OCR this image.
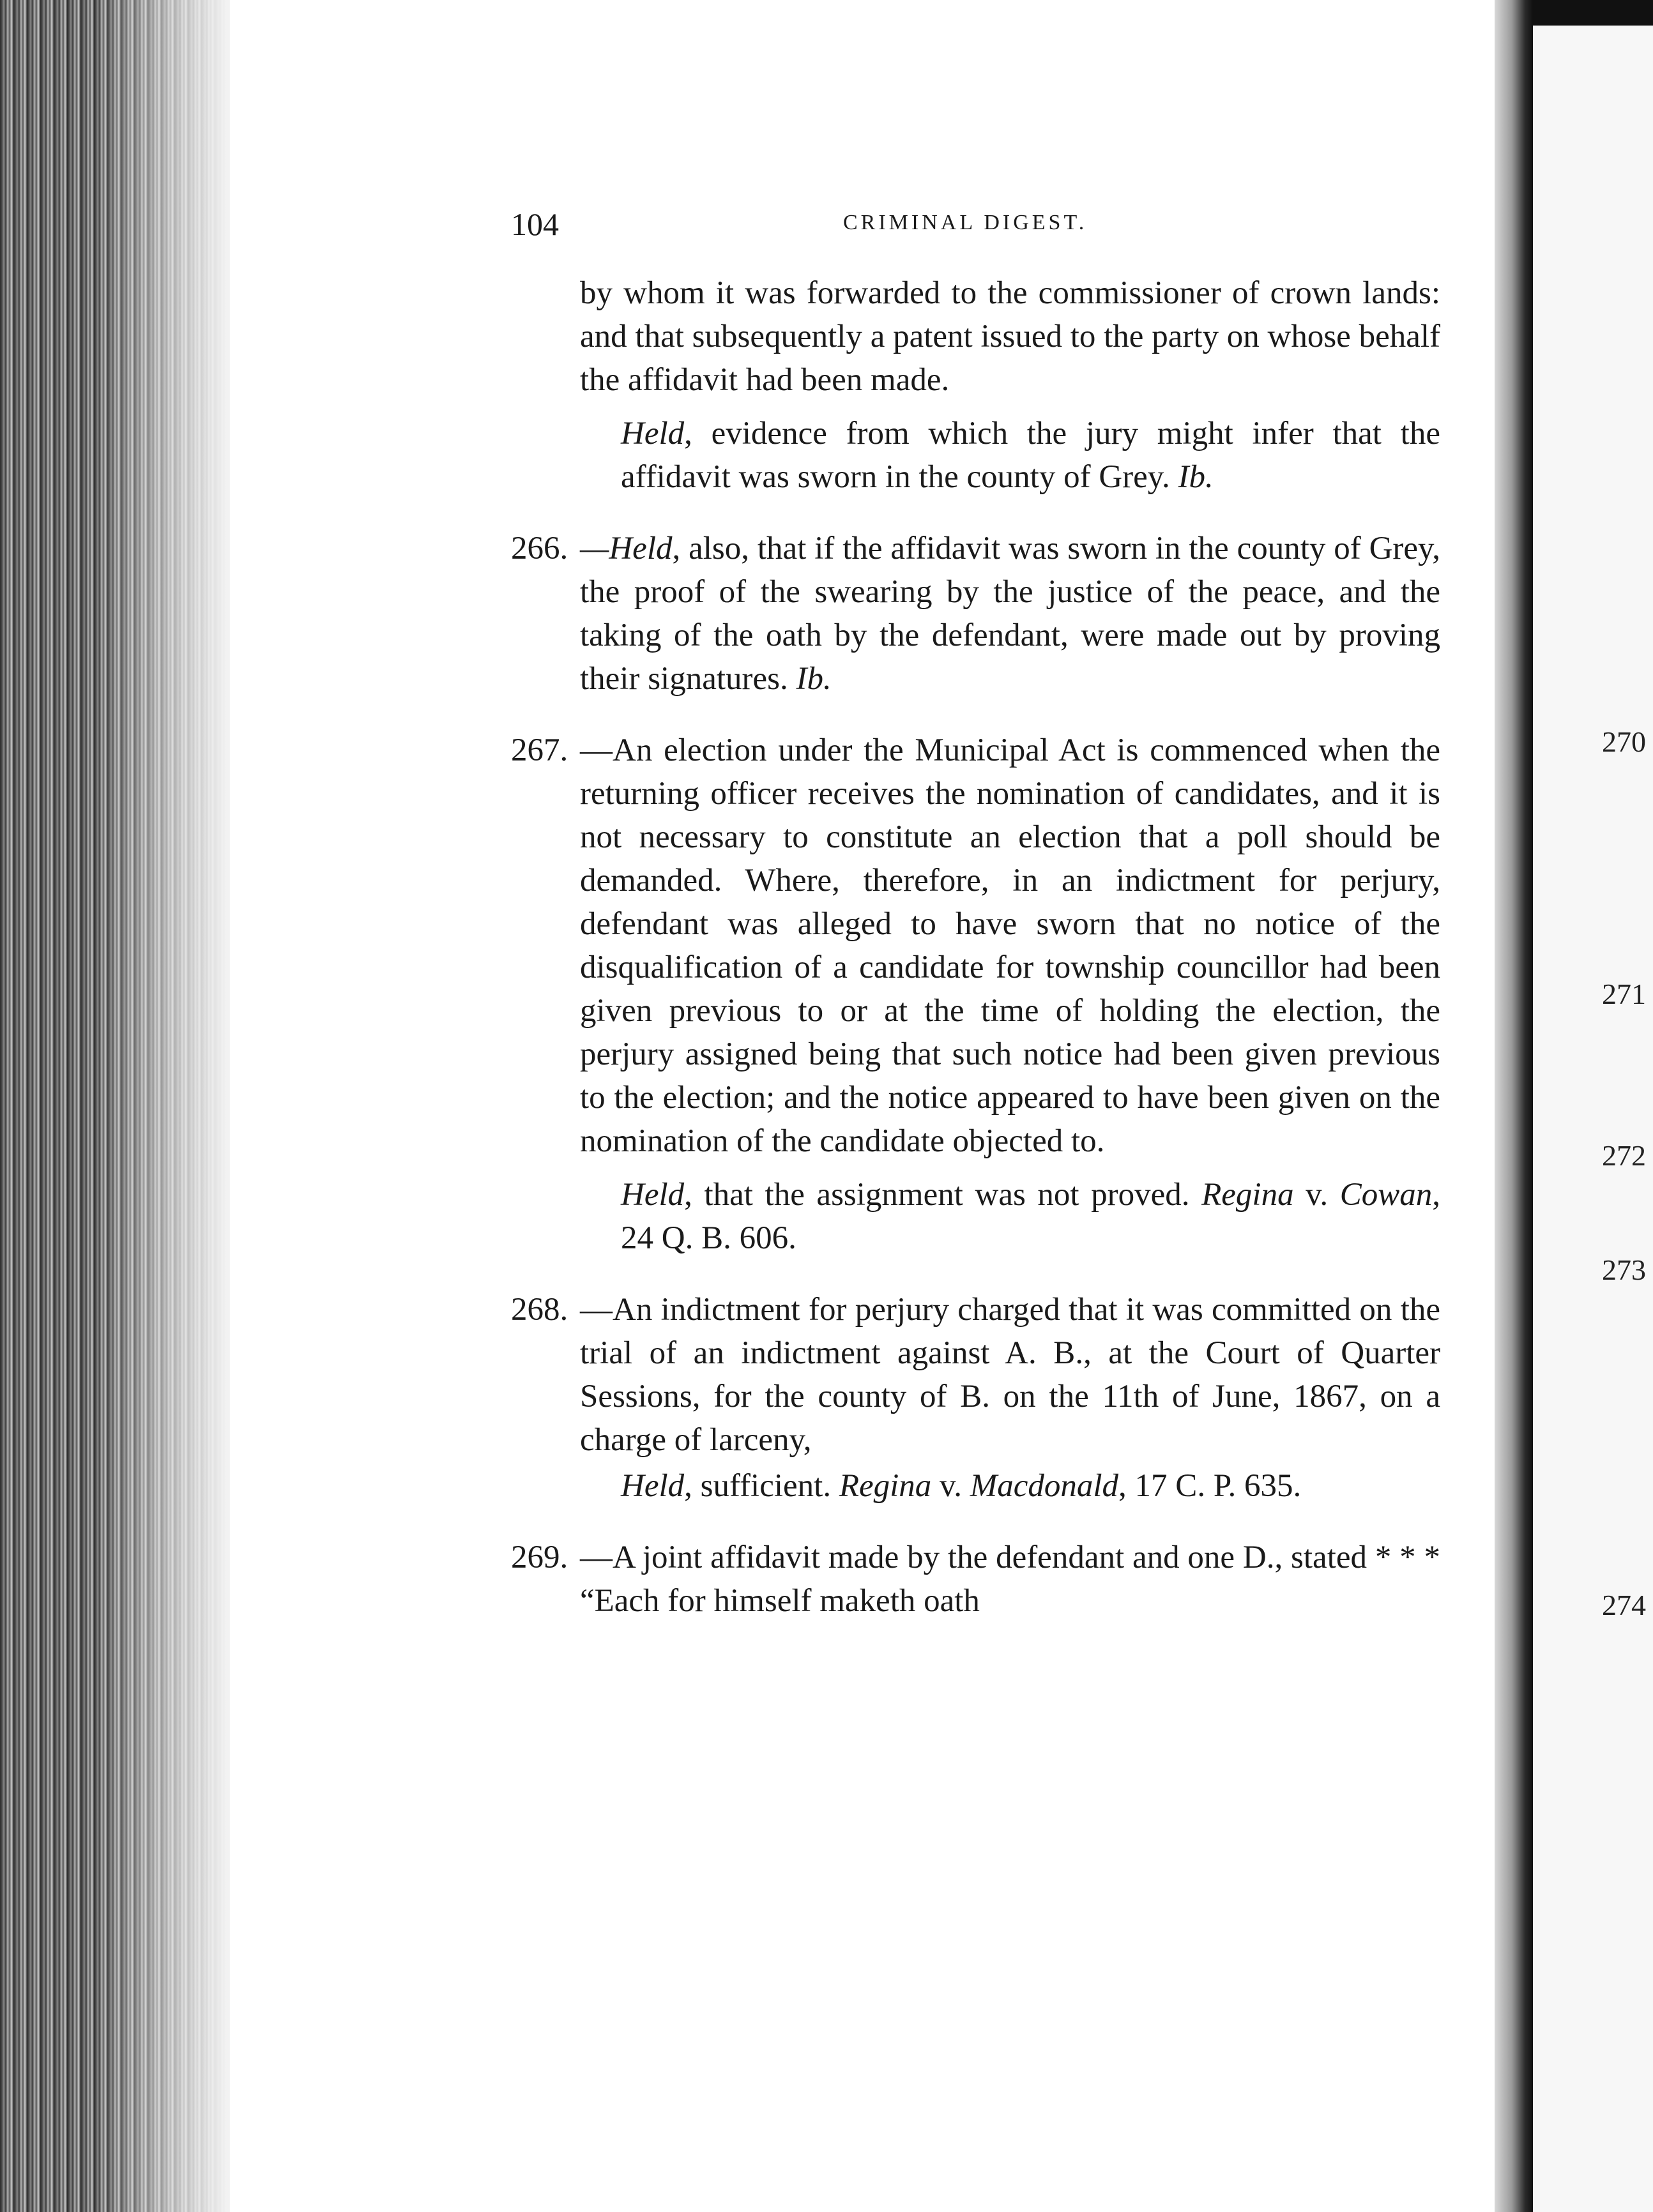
270
271
272
273
274
104	CRIMINAL DIGEST.
by whom it was forwarded to the commissioner of crown lands: and that subsequently a patent issued to the party on whose behalf the affidavit had been made.
Held, evidence from which the jury might infer that the affidavit was sworn in the county of Grey. Ib.
266. —Held, also, that if the affidavit was sworn in the county of Grey, the proof of the swearing by the justice of the peace, and the taking of the oath by the defendant, were made out by proving their signatures. Ib.
267. —An election under the Municipal Act is commenced when the returning officer receives the nomination of candidates, and it is not necessary to constitute an election that a poll should be demanded. Where, therefore, in an indictment for perjury, defendant was alleged to have sworn that no notice of the disqualification of a candidate for township councillor had been given previous to or at the time of holding the election, the perjury assigned being that such notice had been given previous to the election; and the notice appeared to have been given on the nomination of the candidate objected to.
Held, that the assignment was not proved. Regina v. Cowan, 24 Q. B. 606.
268. —An indictment for perjury charged that it was committed on the trial of an indictment against A. B., at the Court of Quarter Sessions, for the county of B. on the 11th of June, 1867, on a charge of larceny,
Held, sufficient. Regina v. Macdonald, 17 C. P. 635.
269. —A joint affidavit made by the defendant and one D., stated * * * “Each for himself maketh oath
